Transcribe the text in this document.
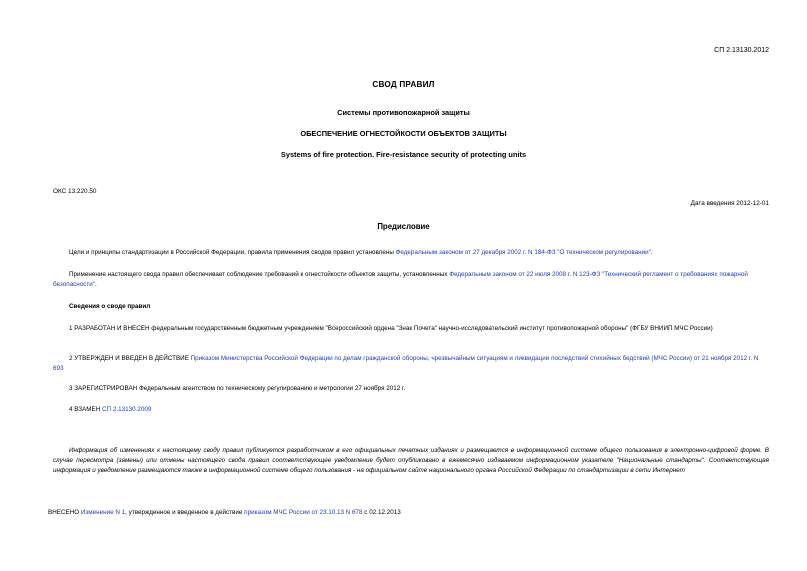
СП 2.13130.2012
СВОД ПРАВИЛ
Системы противопожарной защиты
ОБЕСПЕЧЕНИЕ ОГНЕСТОЙКОСТИ ОБЪЕКТОВ ЗАЩИТЫ
Systems of fire protection. Fire-resistance security of protecting units
ОКС 13.220.50
Дата введения 2012-12-01
Предисловие
Цели и принципы стандартизации в Российской Федерации, правила применения сводов правил установлены Федеральным законом от 27 декабря 2002 г. N 184-ФЗ "О техническом регулировании".
Применение настоящего свода правил обеспечивает соблюдение требований к огнестойкости объектов защиты, установленных Федеральным законом от 22 июля 2008 г. N 123-ФЗ "Технический регламент о требованиях пожарной безопасности".
Сведения о своде правил
1 РАЗРАБОТАН И ВНЕСЕН федеральным государственным бюджетным учреждением "Всероссийский ордена "Знак Почета" научно-исследовательский институт противопожарной обороны" (ФГБУ ВНИИП МЧС России)
2 УТВЕРЖДЕН И ВВЕДЕН В ДЕЙСТВИЕ Приказом Министерства Российской Федерации по делам гражданской обороны, чрезвычайным ситуациям и ликвидации последствий стихийных бедствий (МЧС России) от 21 ноября 2012 г. N 693
3 ЗАРЕГИСТРИРОВАН Федеральным агентством по техническому регулированию и метрологии 27 ноября 2012 г.
4 ВЗАМЕН СП 2.13130.2009
Информация об изменениях к настоящему своду правил публикуется разработчиком в его официальных печатных изданиях и размещается в информационной системе общего пользования в электронно-цифровой форме. В случае пересмотра (замены) или отмены настоящего свода правил соответствующее уведомление будет опубликовано в ежемесячно издаваемом информационном указателе "Национальные стандарты". Соответствующая информация и уведомление размещаются также в информационной системе общего пользования - на официальном сайте национального органа Российской Федерации по стандартизации в сети Интернет
ВНЕСЕНО Изменение N 1, утвержденное и введенное в действие приказом МЧС России от 23.10.13 N 678 с 02.12.2013
